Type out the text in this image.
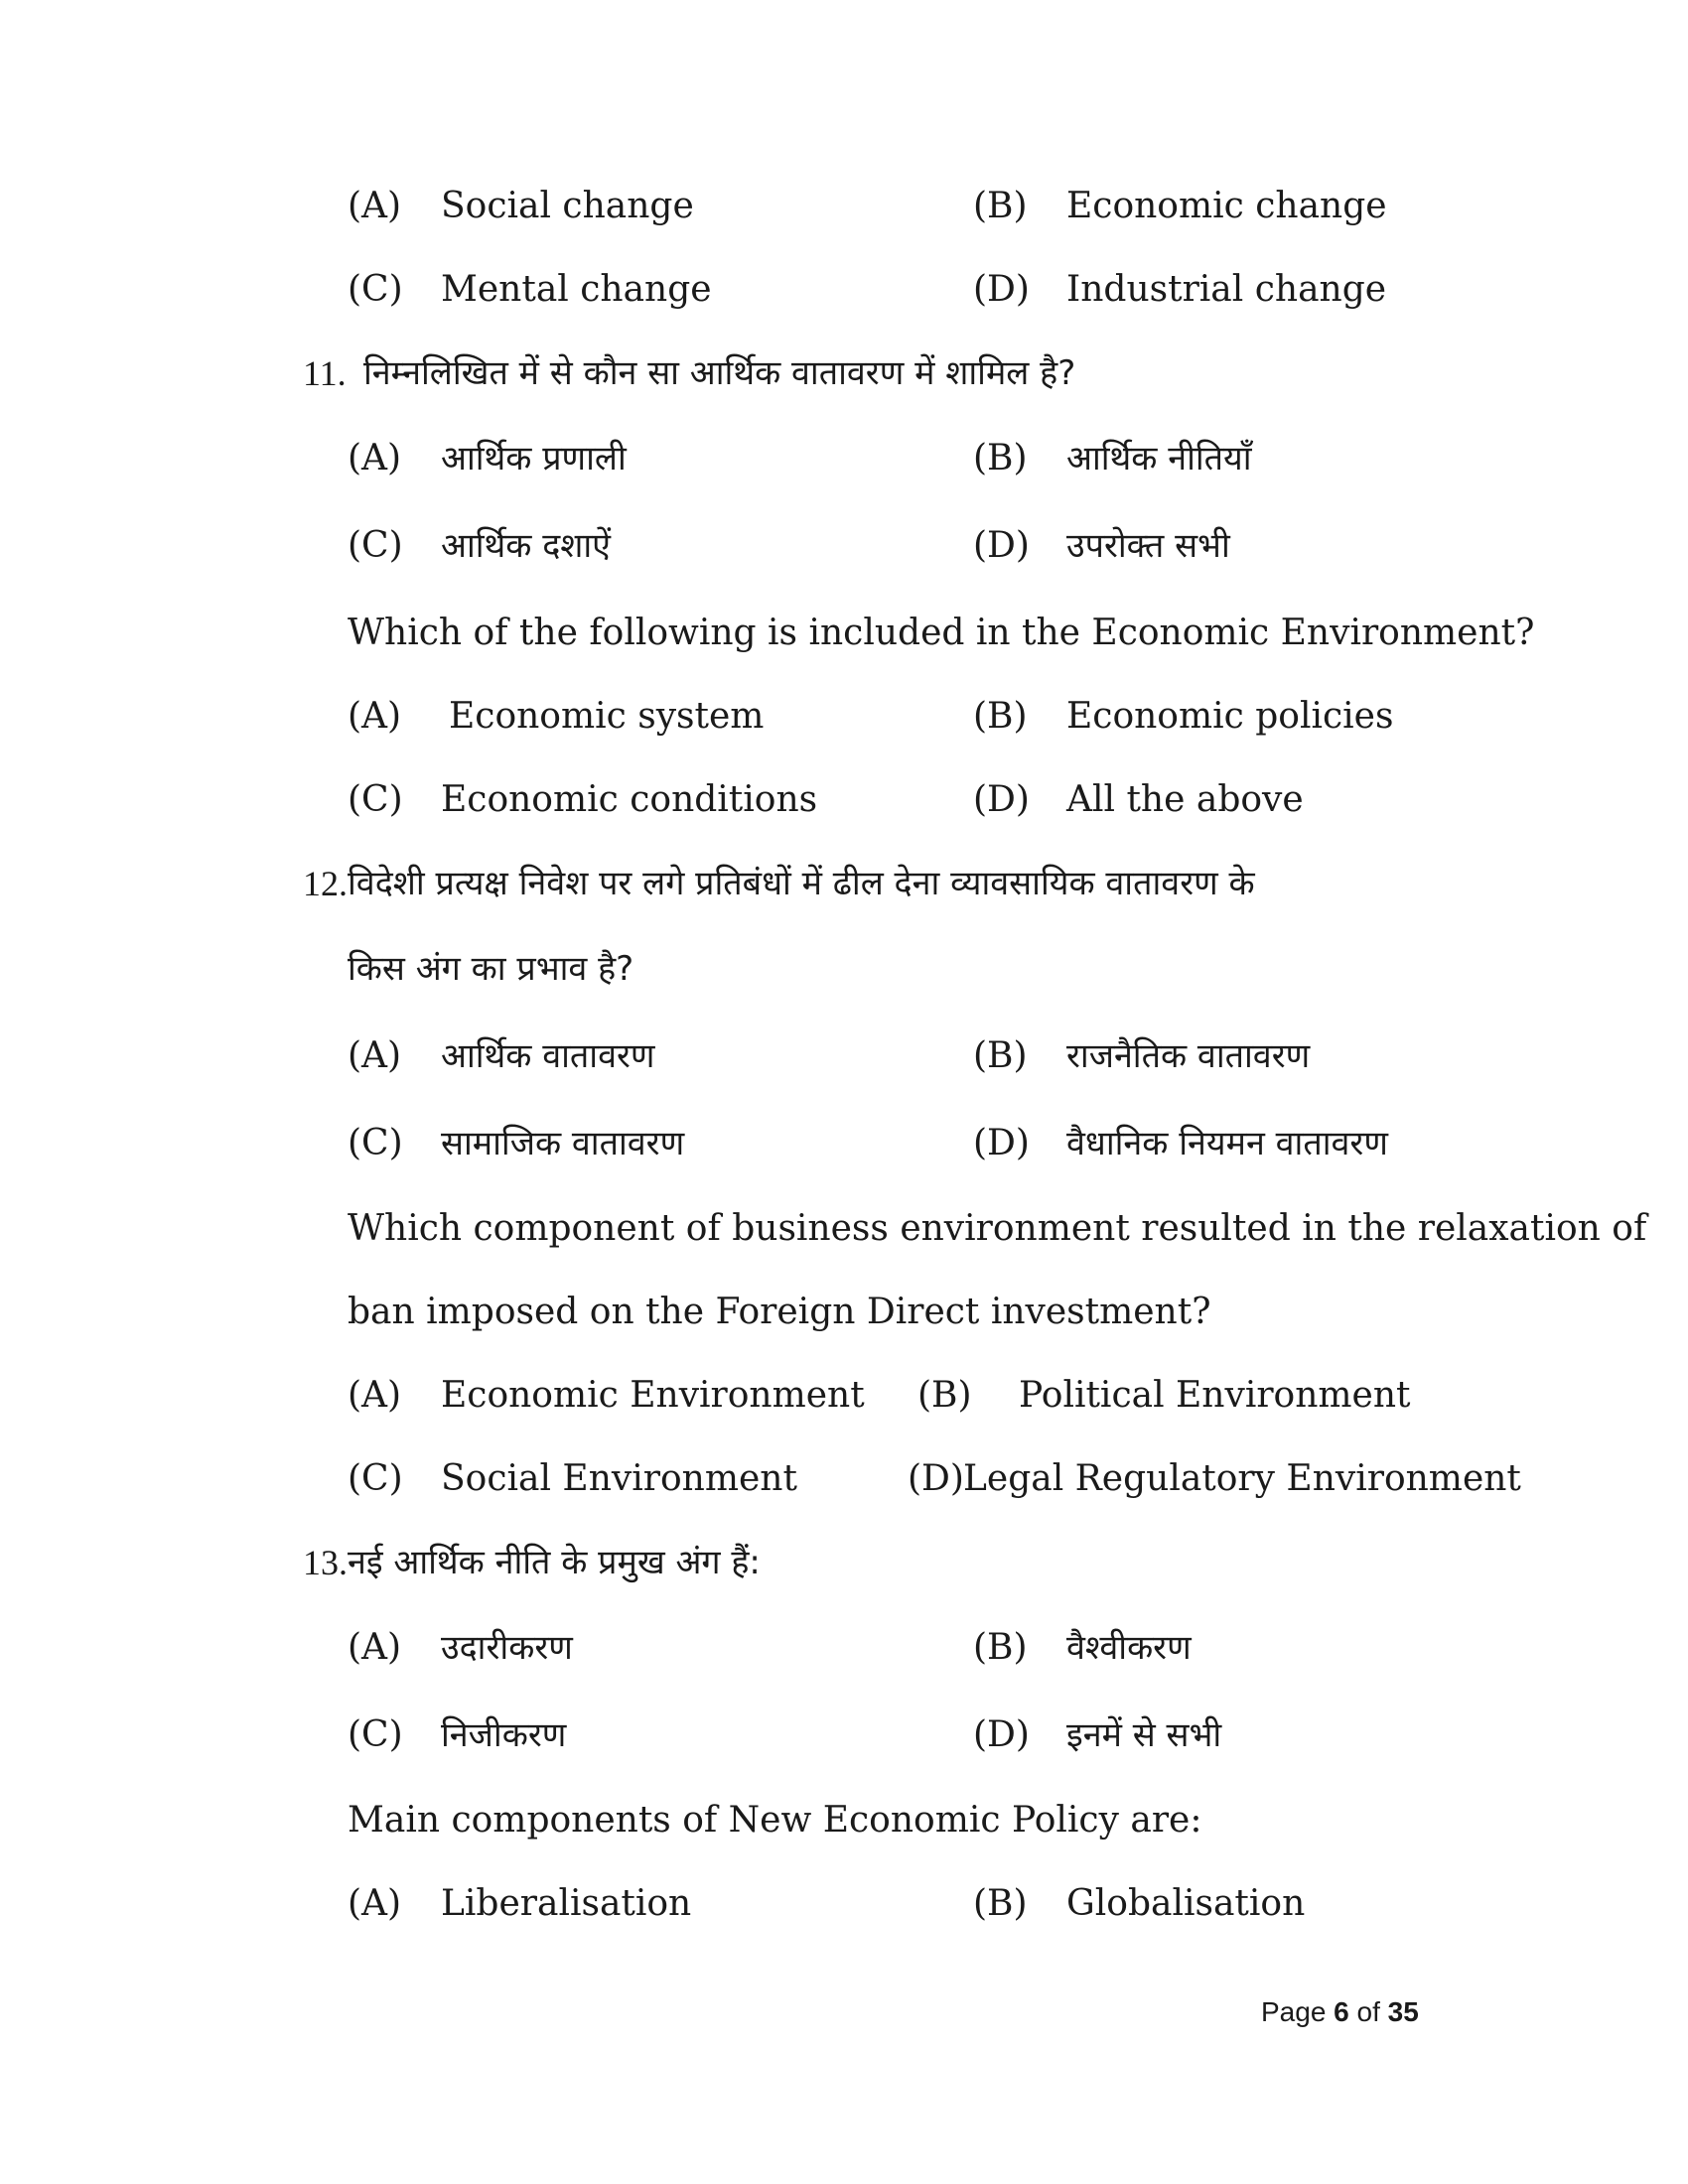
(A) Social change	(B) Economic change
(C) Mental change	(D) Industrial change
11. निम्नलिखित में से कौन सा आर्थिक वातावरण में शामिल है?
(A) आर्थिक प्रणाली	(B) आर्थिक नीतियाँ
(C) आर्थिक दशाऐं	(D) उपरोक्त सभी
Which of the following is included in the Economic Environment?
(A) Economic system	(B) Economic policies
(C) Economic conditions	(D) All the above
12. विदेशी प्रत्यक्ष निवेश पर लगे प्रतिबंधों में ढील देना व्यावसायिक वातावरण के
किस अंग का प्रभाव है?
(A) आर्थिक वातावरण	(B) राजनैतिक वातावरण
(C) सामाजिक वातावरण	(D) वैधानिक नियमन वातावरण
Which component of business environment resulted in the relaxation of
ban imposed on the Foreign Direct investment?
(A) Economic Environment (B) Political Environment
(C) Social Environment	(D) Legal Regulatory Environment
13. नई आर्थिक नीति के प्रमुख अंग हैं:
(A) उदारीकरण	(B) वैश्वीकरण
(C) निजीकरण	(D) इनमें से सभी
Main components of New Economic Policy are:
(A) Liberalisation	(B) Globalisation
Page 6 of 35
